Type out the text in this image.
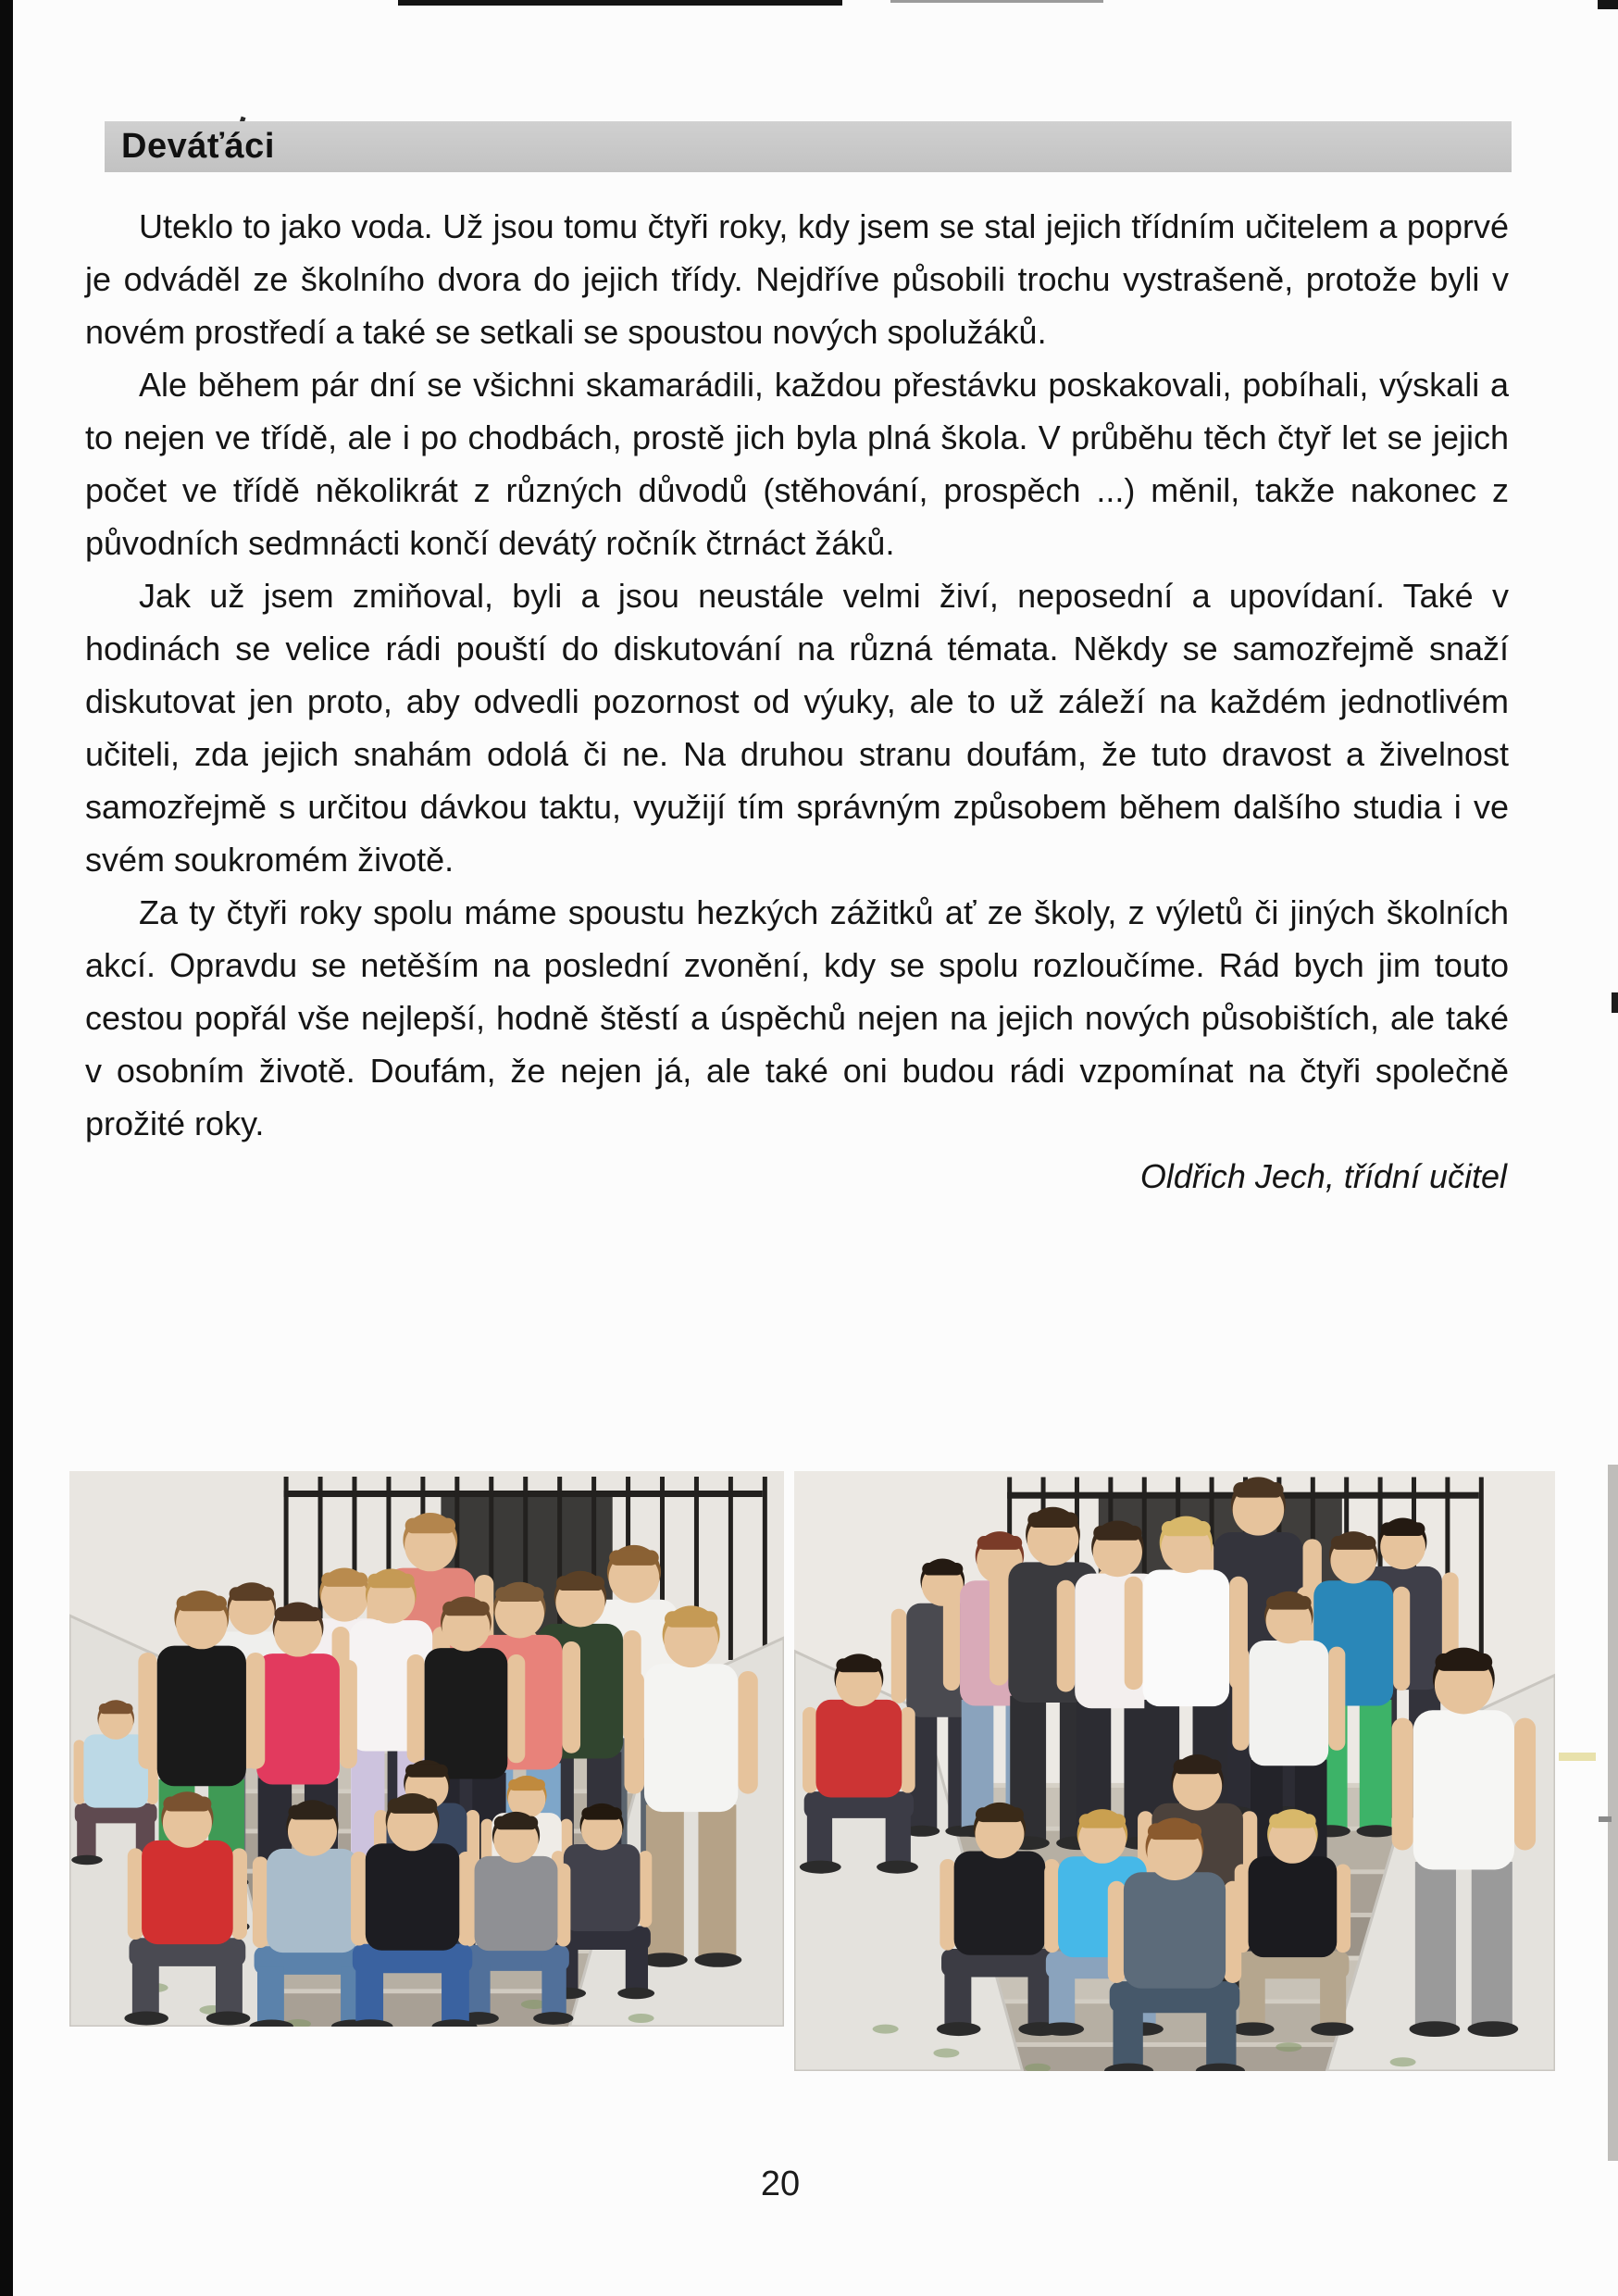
Deváťáci

Uteklo to jako voda. Už jsou tomu čtyři roky, kdy jsem se stal jejich třídním učitelem a poprvé je odváděl ze školního dvora do jejich třídy. Nejdříve působili trochu vystrašeně, protože byli v novém prostředí a také se setkali se spoustou nových spolužáků.

Ale během pár dní se všichni skamarádili, každou přestávku poskakovali, pobíhali, výskali a to nejen ve třídě, ale i po chodbách, prostě jich byla plná škola. V průběhu těch čtyř let se jejich počet ve třídě několikrát z různých důvodů (stěhování, prospěch ...) měnil, takže nakonec z původních sedmnácti končí devátý ročník čtrnáct žáků.

Jak už jsem zmiňoval, byli a jsou neustále velmi živí, neposední a upovídaní. Také v hodinách se velice rádi pouští do diskutování na různá témata. Někdy se samozřejmě snaží diskutovat jen proto, aby odvedli pozornost od výuky, ale to už záleží na každém jednotlivém učiteli, zda jejich snahám odolá či ne. Na druhou stranu doufám, že tuto dravost a živelnost samozřejmě s určitou dávkou taktu, využijí tím správným způsobem během dalšího studia i ve svém soukromém životě.

Za ty čtyři roky spolu máme spoustu hezkých zážitků ať ze školy, z výletů či jiných školních akcí. Opravdu se netěším na poslední zvonění, kdy se spolu rozloučíme. Rád bych jim touto cestou popřál vše nejlepší, hodně štěstí a úspěchů nejen na jejich nových působištích, ale také v osobním životě. Doufám, že nejen já, ale také oni budou rádi vzpomínat na čtyři společně prožité roky.

Oldřich Jech, třídní učitel

20
